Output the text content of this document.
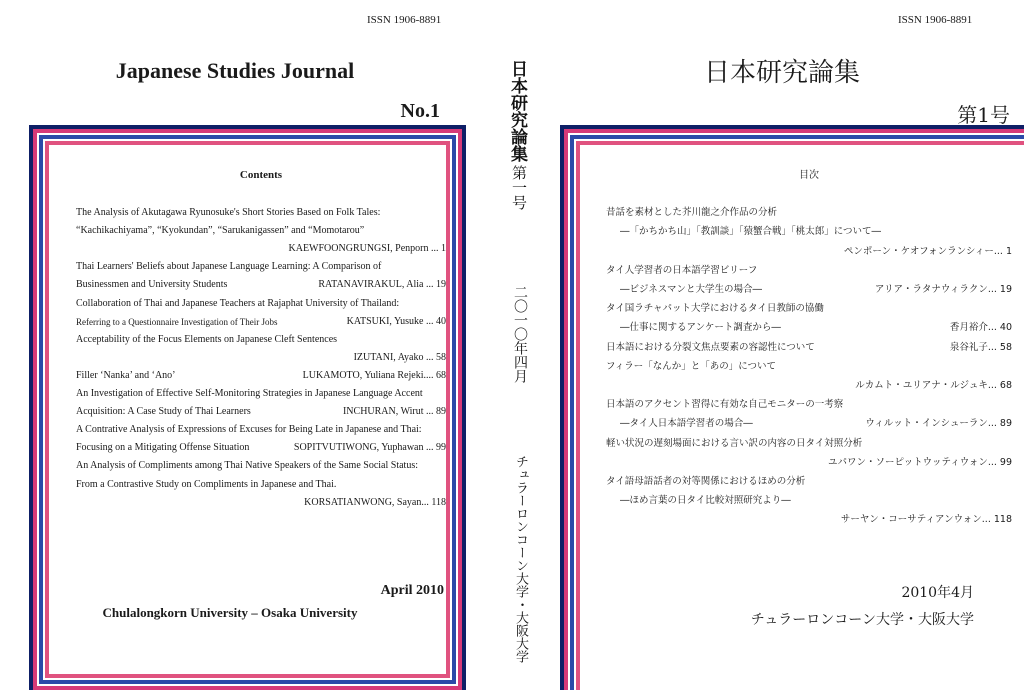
ISSN 1906-8891
Japanese Studies Journal
No.1
Contents
The Analysis of Akutagawa Ryunosuke's Short Stories Based on Folk Tales:
“Kachikachiyama”, “Kyokundan”, “Sarukanigassen” and “Momotarou”
KAEWFOONGRUNGSI, Penporn ... 1
Thai Learners' Beliefs about Japanese Language Learning: A Comparison of
Businessmen and University Students	RATANAVIRAKUL, Alia ... 19
Collaboration of Thai and Japanese Teachers at Rajaphat University of Thailand:
Referring to a Questionnaire Investigation of Their Jobs	KATSUKI, Yusuke ... 40
Acceptability of the Focus Elements on Japanese Cleft Sentences
IZUTANI, Ayako ... 58
Filler ‘Nanka’ and ‘Ano’	LUKAMOTO, Yuliana Rejeki.... 68
An Investigation of Effective Self-Monitoring Strategies in Japanese Language Accent
Acquisition: A Case Study of Thai Learners	INCHURAN, Wirut ... 89
A Contrative Analysis of Expressions of Excuses for Being Late in Japanese and Thai:
Focusing on a Mitigating Offense Situation	SOPITVUTIWONG, Yuphawan ... 99
An Analysis of Compliments among Thai Native Speakers of the Same Social Status:
From a Contrastive Study on Compliments in Japanese and Thai.
KORSATIANWONG, Sayan... 118
April 2010
Chulalongkorn University – Osaka University
日本研究論集
第一号
二〇一〇年四月
チュラーロンコーン大学・大阪大学
ISSN 1906-8891
日本研究論集
第1号
目次
昔話を素材とした芥川龍之介作品の分析
―「かちかち山」「教訓談」「猿蟹合戦」「桃太郎」について―
ペンポーン・ケオフォンランシィー... 1
タイ人学習者の日本語学習ビリーフ
―ビジネスマンと大学生の場合―	アリア・ラタナウィラクン... 19
タイ国ラチャパット大学におけるタイ日教師の協働
―仕事に関するアンケート調査から―	香月裕介... 40
日本語における分裂文焦点要素の容認性について	泉谷礼子... 58
フィラー「なんか」と「あの」について
ルカムト・ユリアナ・ルジュキ... 68
日本語のアクセント習得に有効な自己モニターの一考察
―タイ人日本語学習者の場合―	ウィルット・インシューラン... 89
軽い状況の遅刻場面における言い訳の内容の日タイ対照分析
ユパワン・ソーピットウッティウォン... 99
タイ語母語話者の対等関係におけるほめの分析
―ほめ言葉の日タイ比較対照研究より―
サーヤン・コーサティアンウォン... 118
2010年4月
チュラーロンコーン大学・大阪大学
